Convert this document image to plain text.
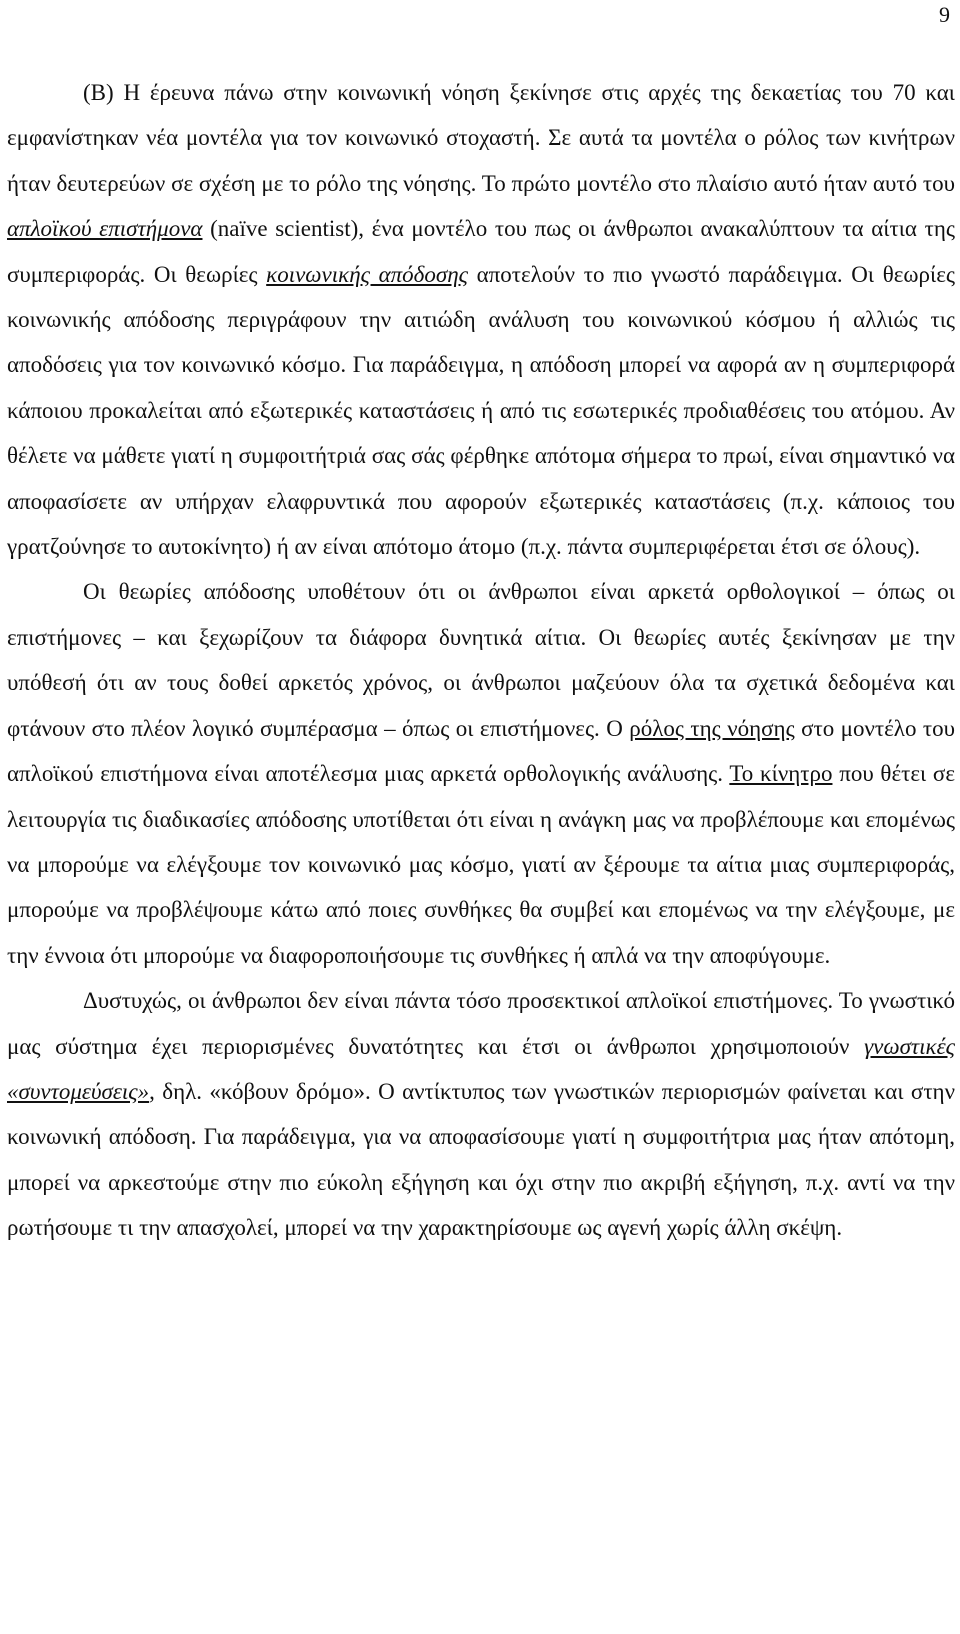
9

(B) Η έρευνα πάνω στην κοινωνική νόηση ξεκίνησε στις αρχές της δεκαετίας του 70 και εμφανίστηκαν νέα μοντέλα για τον κοινωνικό στοχαστή. Σε αυτά τα μοντέλα ο ρόλος των κινήτρων ήταν δευτερεύων σε σχέση με το ρόλο της νόησης. Το πρώτο μοντέλο στο πλαίσιο αυτό ήταν αυτό του απλοϊκού επιστήμονα (naïve scientist), ένα μοντέλο του πως οι άνθρωποι ανακαλύπτουν τα αίτια της συμπεριφοράς. Οι θεωρίες κοινωνικής απόδοσης αποτελούν το πιο γνωστό παράδειγμα. Οι θεωρίες κοινωνικής απόδοσης περιγράφουν την αιτιώδη ανάλυση του κοινωνικού κόσμου ή αλλιώς τις αποδόσεις για τον κοινωνικό κόσμο. Για παράδειγμα, η απόδοση μπορεί να αφορά αν η συμπεριφορά κάποιου προκαλείται από εξωτερικές καταστάσεις ή από τις εσωτερικές προδιαθέσεις του ατόμου. Αν θέλετε να μάθετε γιατί η συμφοιτήτριά σας σάς φέρθηκε απότομα σήμερα το πρωί, είναι σημαντικό να αποφασίσετε αν υπήρχαν ελαφρυντικά που αφορούν εξωτερικές καταστάσεις (π.χ. κάποιος του γρατζούνησε το αυτοκίνητο) ή αν είναι απότομο άτομο (π.χ. πάντα συμπεριφέρεται έτσι σε όλους).

Οι θεωρίες απόδοσης υποθέτουν ότι οι άνθρωποι είναι αρκετά ορθολογικοί – όπως οι επιστήμονες – και ξεχωρίζουν τα διάφορα δυνητικά αίτια. Οι θεωρίες αυτές ξεκίνησαν με την υπόθεσή ότι αν τους δοθεί αρκετός χρόνος, οι άνθρωποι μαζεύουν όλα τα σχετικά δεδομένα και φτάνουν στο πλέον λογικό συμπέρασμα – όπως οι επιστήμονες. Ο ρόλος της νόησης στο μοντέλο του απλοϊκού επιστήμονα είναι αποτέλεσμα μιας αρκετά ορθολογικής ανάλυσης. Το κίνητρο που θέτει σε λειτουργία τις διαδικασίες απόδοσης υποτίθεται ότι είναι η ανάγκη μας να προβλέπουμε και επομένως να μπορούμε να ελέγξουμε τον κοινωνικό μας κόσμο, γιατί αν ξέρουμε τα αίτια μιας συμπεριφοράς, μπορούμε να προβλέψουμε κάτω από ποιες συνθήκες θα συμβεί και επομένως να την ελέγξουμε, με την έννοια ότι μπορούμε να διαφοροποιήσουμε τις συνθήκες ή απλά να την αποφύγουμε.

Δυστυχώς, οι άνθρωποι δεν είναι πάντα τόσο προσεκτικοί απλοϊκοί επιστήμονες. Το γνωστικό μας σύστημα έχει περιορισμένες δυνατότητες και έτσι οι άνθρωποι χρησιμοποιούν γνωστικές «συντομεύσεις», δηλ. «κόβουν δρόμο». Ο αντίκτυπος των γνωστικών περιορισμών φαίνεται και στην κοινωνική απόδοση. Για παράδειγμα, για να αποφασίσουμε γιατί η συμφοιτήτρια μας ήταν απότομη, μπορεί να αρκεστούμε στην πιο εύκολη εξήγηση και όχι στην πιο ακριβή εξήγηση, π.χ. αντί να την ρωτήσουμε τι την απασχολεί, μπορεί να την χαρακτηρίσουμε ως αγενή χωρίς άλλη σκέψη.
